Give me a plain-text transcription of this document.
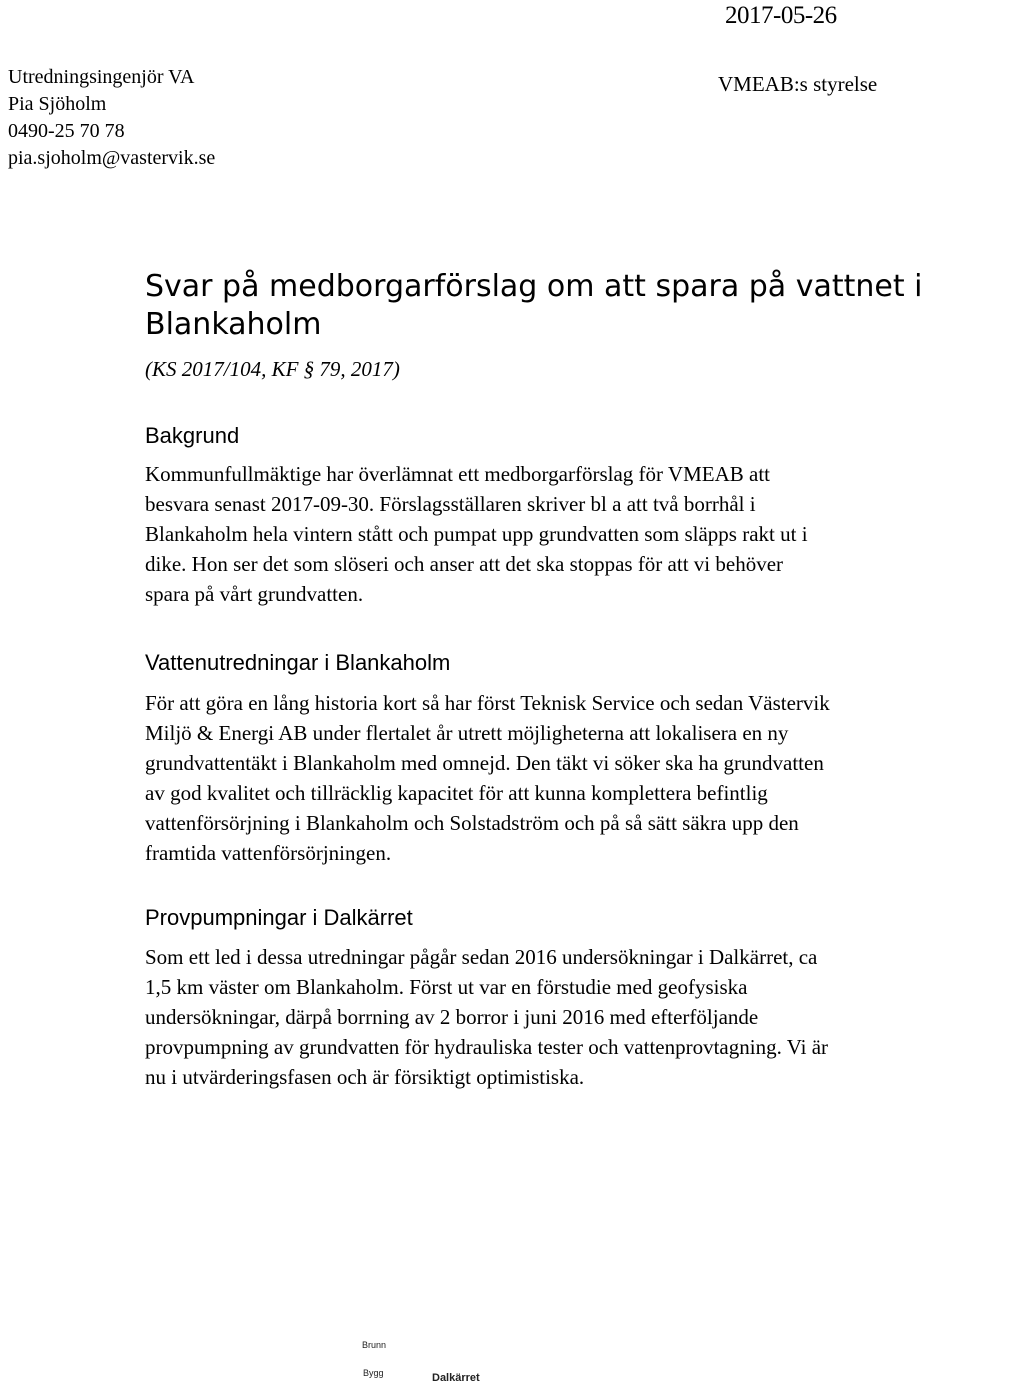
2017-05-26
Utredningsingenjör VA
Pia Sjöholm
0490-25 70 78
pia.sjoholm@vastervik.se
VMEAB:s styrelse
Svar på medborgarförslag om att spara på vattnet i Blankaholm
(KS 2017/104, KF § 79, 2017)
Bakgrund
Kommunfullmäktige har överlämnat ett medborgarförslag för VMEAB att
besvara senast 2017-09-30. Förslagsställaren skriver bl a att två borrhål i
Blankaholm hela vintern stått och pumpat upp grundvatten som släpps rakt ut i
dike. Hon ser det som slöseri och anser att det ska stoppas för att vi behöver
spara på vårt grundvatten.
Vattenutredningar i Blankaholm
För att göra en lång historia kort så har först Teknisk Service och sedan Västervik
Miljö & Energi AB under flertalet år utrett möjligheterna att lokalisera en ny
grundvattentäkt i Blankaholm med omnejd. Den täkt vi söker ska ha grundvatten
av god kvalitet och tillräcklig kapacitet för att kunna komplettera befintlig
vattenförsörjning i Blankaholm och Solstadström och på så sätt säkra upp den
framtida vattenförsörjningen.
Provpumpningar i Dalkärret
Som ett led i dessa utredningar pågår sedan 2016 undersökningar i Dalkärret, ca
1,5 km väster om Blankaholm. Först ut var en förstudie med geofysiska
undersökningar, därpå borrning av 2 borror i juni 2016 med efterföljande
provpumpning av grundvatten för hydrauliska tester och vattenprovtagning. Vi är
nu i utvärderingsfasen och är försiktigt optimistiska.
Brunn
Bygg	Dalkärret
